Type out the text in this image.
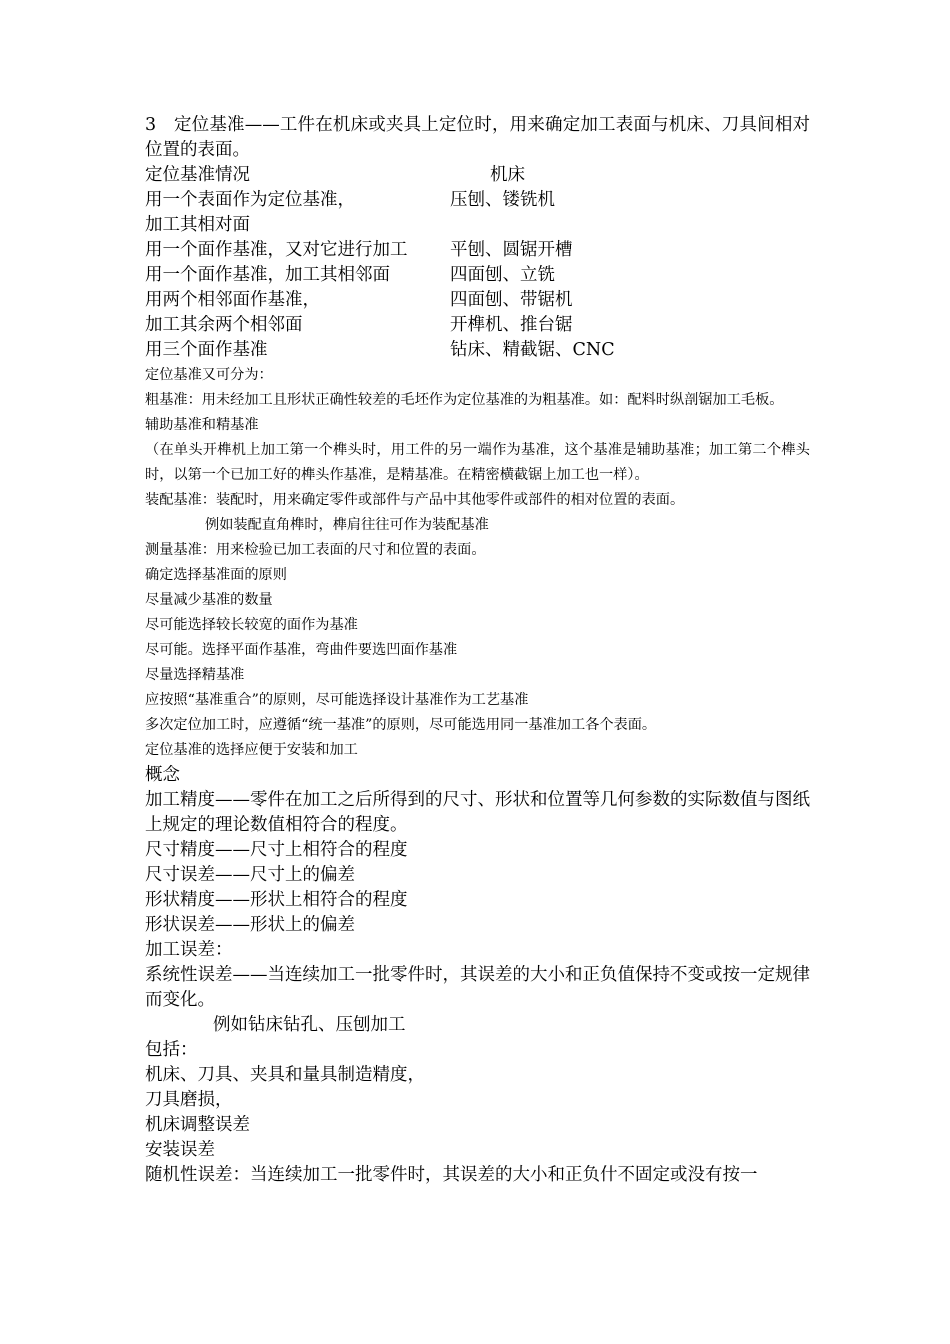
3　定位基准——工件在机床或夹具上定位时，用来确定加工表面与机床、刀具间相对位置的表面。

定位基准情况	机床
用一个表面作为定位基准，	压刨、镂铣机
加工其相对面
用一个面作基准，又对它进行加工	平刨、圆锯开槽
用一个面作基准，加工其相邻面	四面刨、立铣
用两个相邻面作基准，	四面刨、带锯机
加工其余两个相邻面	开榫机、推台锯
用三个面作基准	钻床、精截锯、CNC

定位基准又可分为：

粗基准：用未经加工且形状正确性较差的毛坯作为定位基准的为粗基准。如：配料时纵剖锯加工毛板。

辅助基准和精基准

（在单头开榫机上加工第一个榫头时，用工件的另一端作为基准，这个基准是辅助基准；加工第二个榫头时，以第一个已加工好的榫头作基准，是精基准。在精密横截锯上加工也一样）。

装配基准：装配时，用来确定零件或部件与产品中其他零件或部件的相对位置的表面。

例如装配直角榫时，榫肩往往可作为装配基准

测量基准：用来检验已加工表面的尺寸和位置的表面。

确定选择基准面的原则

尽量减少基准的数量

尽可能选择较长较宽的面作为基准

尽可能。选择平面作基准，弯曲件要选凹面作基准

尽量选择精基准

应按照“基准重合”的原则，尽可能选择设计基准作为工艺基准

多次定位加工时，应遵循“统一基准”的原则，尽可能选用同一基准加工各个表面。

定位基准的选择应便于安装和加工

概念

加工精度——零件在加工之后所得到的尺寸、形状和位置等几何参数的实际数值与图纸上规定的理论数值相符合的程度。

尺寸精度——尺寸上相符合的程度

尺寸误差——尺寸上的偏差

形状精度——形状上相符合的程度

形状误差——形状上的偏差

加工误差：

系统性误差——当连续加工一批零件时，其误差的大小和正负值保持不变或按一定规律而变化。

例如钻床钻孔、压刨加工

包括：

机床、刀具、夹具和量具制造精度，

刀具磨损，

机床调整误差

安装误差

随机性误差：当连续加工一批零件时，其误差的大小和正负什不固定或没有按一
